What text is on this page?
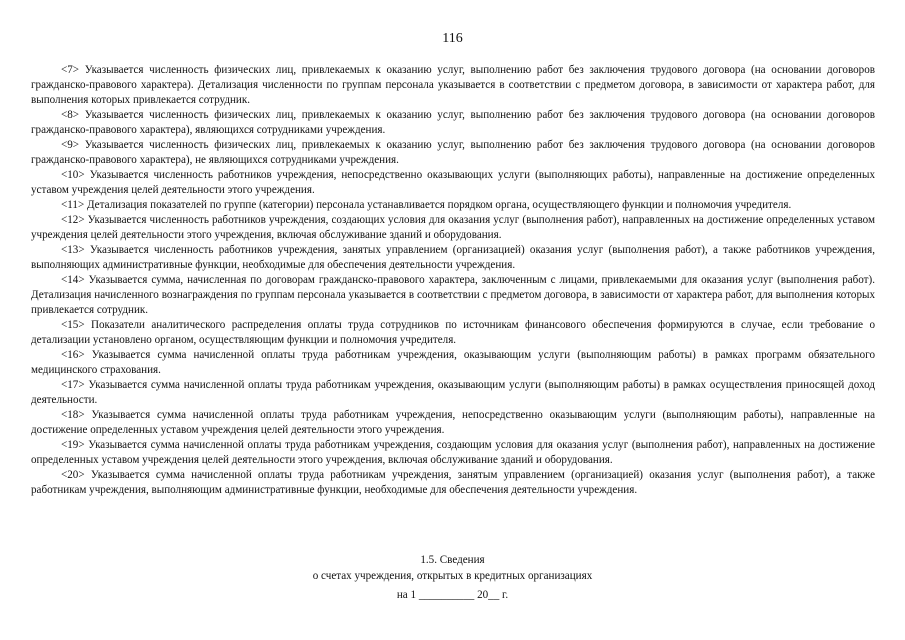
116

<7> Указывается численность физических лиц, привлекаемых к оказанию услуг, выполнению работ без заключения трудового договора (на основании договоров гражданско-правового характера). Детализация численности по группам персонала указывается в соответствии с предметом договора, в зависимости от характера работ, для выполнения которых привлекается сотрудник.

<8> Указывается численность физических лиц, привлекаемых к оказанию услуг, выполнению работ без заключения трудового договора (на основании договоров гражданско-правового характера), являющихся сотрудниками учреждения.

<9> Указывается численность физических лиц, привлекаемых к оказанию услуг, выполнению работ без заключения трудового договора (на основании договоров гражданско-правового характера), не являющихся сотрудниками учреждения.

<10> Указывается численность работников учреждения, непосредственно оказывающих услуги (выполняющих работы), направленные на достижение определенных уставом учреждения целей деятельности этого учреждения.

<11> Детализация показателей по группе (категории) персонала устанавливается порядком органа, осуществляющего функции и полномочия учредителя.

<12> Указывается численность работников учреждения, создающих условия для оказания услуг (выполнения работ), направленных на достижение определенных уставом учреждения целей деятельности этого учреждения, включая обслуживание зданий и оборудования.

<13> Указывается численность работников учреждения, занятых управлением (организацией) оказания услуг (выполнения работ), а также работников учреждения, выполняющих административные функции, необходимые для обеспечения деятельности учреждения.

<14> Указывается сумма, начисленная по договорам гражданско-правового характера, заключенным с лицами, привлекаемыми для оказания услуг (выполнения работ). Детализация начисленного вознаграждения по группам персонала указывается в соответствии с предметом договора, в зависимости от характера работ, для выполнения которых привлекается сотрудник.

<15> Показатели аналитического распределения оплаты труда сотрудников по источникам финансового обеспечения формируются в случае, если требование о детализации установлено органом, осуществляющим функции и полномочия учредителя.

<16> Указывается сумма начисленной оплаты труда работникам учреждения, оказывающим услуги (выполняющим работы) в рамках программ обязательного медицинского страхования.

<17> Указывается сумма начисленной оплаты труда работникам учреждения, оказывающим услуги (выполняющим работы) в рамках осуществления приносящей доход деятельности.

<18> Указывается сумма начисленной оплаты труда работникам учреждения, непосредственно оказывающим услуги (выполняющим работы), направленные на достижение определенных уставом учреждения целей деятельности этого учреждения.

<19> Указывается сумма начисленной оплаты труда работникам учреждения, создающим условия для оказания услуг (выполнения работ), направленных на достижение определенных уставом учреждения целей деятельности этого учреждения, включая обслуживание зданий и оборудования.

<20> Указывается сумма начисленной оплаты труда работникам учреждения, занятым управлением (организацией) оказания услуг (выполнения работ), а также работникам учреждения, выполняющим административные функции, необходимые для обеспечения деятельности учреждения.

1.5. Сведения
о счетах учреждения, открытых в кредитных организациях
на 1 __________ 20__ г.
